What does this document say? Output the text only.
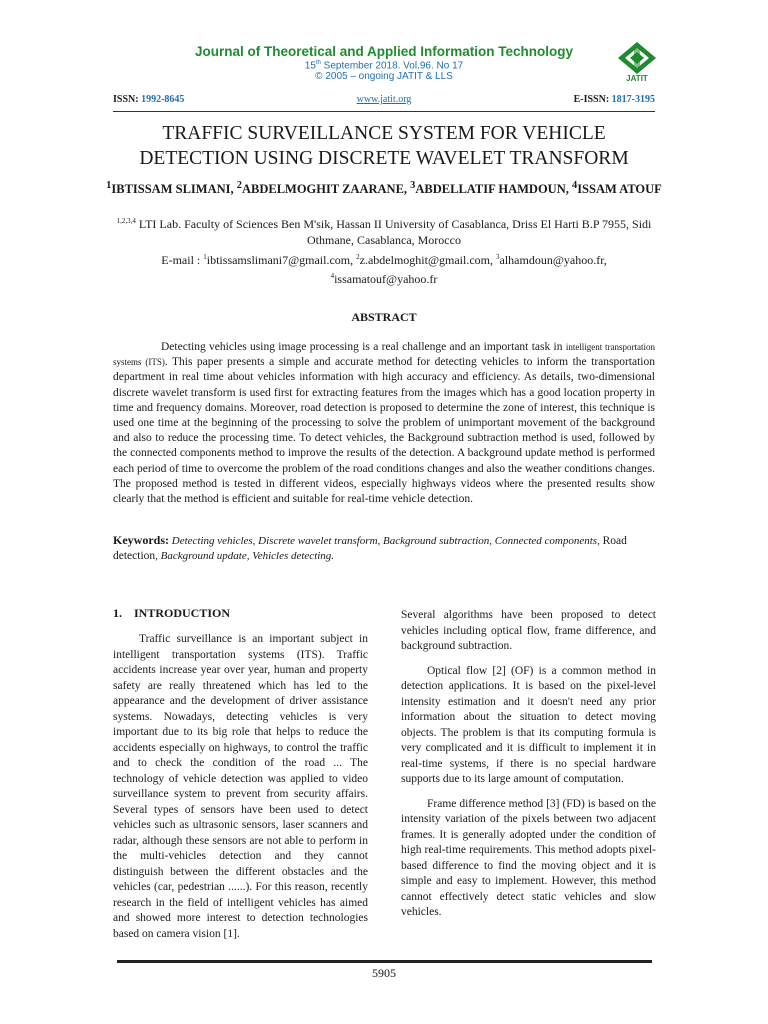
Journal of Theoretical and Applied Information Technology
15th September 2018. Vol.96. No 17
© 2005 – ongoing JATIT & LLS	JATIT
ISSN: 1992-8645	www.jatit.org	E-ISSN: 1817-3195
TRAFFIC SURVEILLANCE SYSTEM FOR VEHICLE
DETECTION USING DISCRETE WAVELET TRANSFORM
$^1$IBTISSAM SLIMANI, $^2$ABDELMOGHIT ZAARANE, $^3$ABDELLATIF HAMDOUN, $^4$ISSAM ATOUF
$^{1,2,3,4}$ LTI Lab. Faculty of Sciences Ben M'sik, Hassan II University of Casablanca, Driss El Harti B.P 7955, Sidi Othmane, Casablanca, Morocco
E-mail : $^1$ibtissamslimani7@gmail.com, $^2$z.abdelmoghit@gmail.com, $^3$alhamdoun@yahoo.fr,
$^4$issamatouf@yahoo.fr
ABSTRACT
Detecting vehicles using image processing is a real challenge and an important task in intelligent transportation systems (ITS). This paper presents a simple and accurate method for detecting vehicles to inform the transportation department in real time about vehicles information with high accuracy and efficiency. As details, two-dimensional discrete wavelet transform is used first for extracting features from the images which has a good location property in time and frequency domains. Moreover, road detection is proposed to determine the zone of interest, this technique is used one time at the beginning of the processing to solve the problem of unimportant movement of the background and also to reduce the processing time. To detect vehicles, the Background subtraction method is used, followed by the connected components method to improve the results of the detection. A background update method is performed each period of time to overcome the problem of the road conditions changes and also the weather conditions changes. The proposed method is tested in different videos, especially highways videos where the presented results show clearly that the method is efficient and suitable for real-time vehicle detection.
Keywords: Detecting vehicles, Discrete wavelet transform, Background subtraction, Connected components, Road detection, Background update, Vehicles detecting.
1.    INTRODUCTION

Traffic surveillance is an important subject in intelligent transportation systems (ITS). Traffic accidents increase year over year, human and property safety are really threatened which has led to the appearance and the development of driver assistance systems. Nowadays, detecting vehicles is very important due to its big role that helps to reduce the accidents especially on highways, to control the traffic and to check the condition of the road ... The technology of vehicle detection was applied to video surveillance system to prevent from security affairs. Several types of sensors have been used to detect vehicles such as ultrasonic sensors, laser scanners and radar, although these sensors are not able to perform in the multi-vehicles detection and they cannot distinguish between the different obstacles and the vehicles (car, pedestrian ......). For this reason, recently research in the field of intelligent vehicles has aimed and showed more interest to detection technologies based on camera vision [1].

Several algorithms have been proposed to detect vehicles including optical flow, frame difference, and background subtraction.

Optical flow [2] (OF) is a common method in detection applications. It is based on the pixel-level intensity estimation and it doesn't need any prior information about the situation to detect moving objects. The problem is that its computing formula is very complicated and it is difficult to implement it in real-time systems, if there is no special hardware supports due to its large amount of computation.

Frame difference method [3] (FD) is based on the intensity variation of the pixels between two adjacent frames. It is generally adopted under the condition of high real-time requirements. This method adopts pixel-based difference to find the moving object and it is simple and easy to implement. However, this method cannot effectively detect static vehicles and slow vehicles.

5905
